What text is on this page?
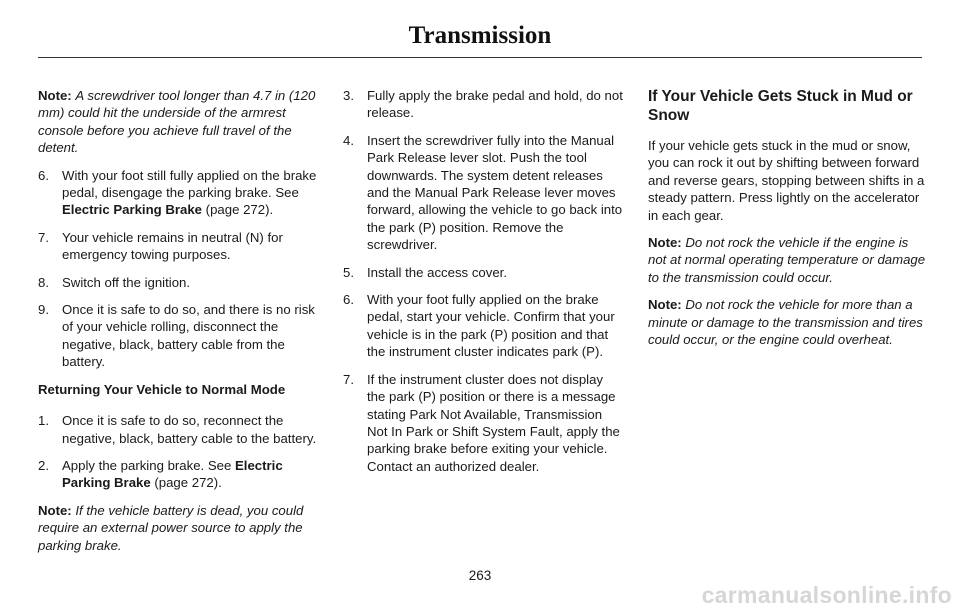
Transmission

Note: A screwdriver tool longer than 4.7 in (120 mm) could hit the underside of the armrest console before you achieve full travel of the detent.

6. With your foot still fully applied on the brake pedal, disengage the parking brake. See Electric Parking Brake (page 272).
7. Your vehicle remains in neutral (N) for emergency towing purposes.
8. Switch off the ignition.
9. Once it is safe to do so, and there is no risk of your vehicle rolling, disconnect the negative, black, battery cable from the battery.
Returning Your Vehicle to Normal Mode
1. Once it is safe to do so, reconnect the negative, black, battery cable to the battery.
2. Apply the parking brake. See Electric Parking Brake (page 272).

Note: If the vehicle battery is dead, you could require an external power source to apply the parking brake.

3. Fully apply the brake pedal and hold, do not release.
4. Insert the screwdriver fully into the Manual Park Release lever slot. Push the tool downwards. The system detent releases and the Manual Park Release lever moves forward, allowing the vehicle to go back into the park (P) position. Remove the screwdriver.
5. Install the access cover.
6. With your foot fully applied on the brake pedal, start your vehicle. Confirm that your vehicle is in the park (P) position and that the instrument cluster indicates park (P).
7. If the instrument cluster does not display the park (P) position or there is a message stating Park Not Available, Transmission Not In Park or Shift System Fault, apply the parking brake before exiting your vehicle. Contact an authorized dealer.
If Your Vehicle Gets Stuck in Mud or Snow

If your vehicle gets stuck in the mud or snow, you can rock it out by shifting between forward and reverse gears, stopping between shifts in a steady pattern. Press lightly on the accelerator in each gear.

Note: Do not rock the vehicle if the engine is not at normal operating temperature or damage to the transmission could occur.

Note: Do not rock the vehicle for more than a minute or damage to the transmission and tires could occur, or the engine could overheat.

263
carmanualsonline.info
